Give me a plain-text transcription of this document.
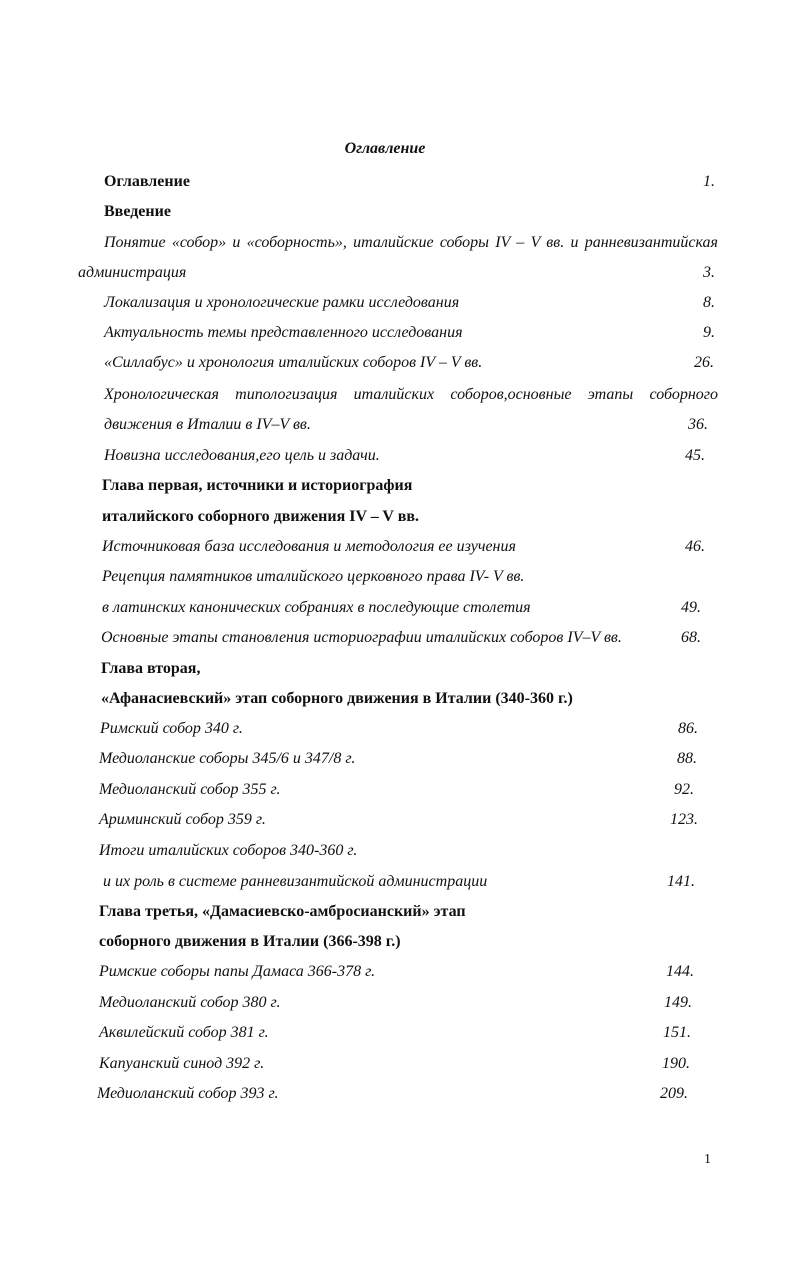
Оглавление
Оглавление	1.
Введение
Понятие «собор» и «соборность», италийские соборы IV – V вв. и ранневизантийская
администрация	3.
Локализация и хронологические рамки исследования	8.
Актуальность темы представленного исследования	9.
«Силлабус» и хронология италийских соборов IV – V вв.	26.
Хронологическая типологизация италийских соборов,основные этапы соборного
движения в Италии в IV–V вв.	36.
Новизна исследования,его цель и задачи.	45.
Глава первая, источники и историография
италийского соборного движения IV – V вв.
Источниковая база исследования и методология ее изучения	46.
Рецепция памятников италийского церковного права IV- V вв.
в латинских канонических собраниях в последующие столетия	49.
Основные этапы становления историографии италийских соборов IV–V вв.	68.
Глава вторая,
«Афанасиевский» этап соборного движения в Италии (340-360 г.)
Римский собор 340 г.	86.
Медиоланские соборы 345/6 и 347/8 г.	88.
Медиоланский собор 355 г.	92.
Ариминский собор 359 г.	123.
Итоги италийских соборов 340-360 г.
и их роль в системе ранневизантийской администрации	141.
Глава третья, «Дамасиевско-амбросианский» этап
соборного движения в Италии (366-398 г.)
Римские соборы папы Дамаса 366-378 г.	144.
Медиоланский собор 380 г.	149.
Аквилейский собор 381 г.	151.
Капуанский синод 392 г.	190.
Медиоланский собор 393 г.	209.
1
